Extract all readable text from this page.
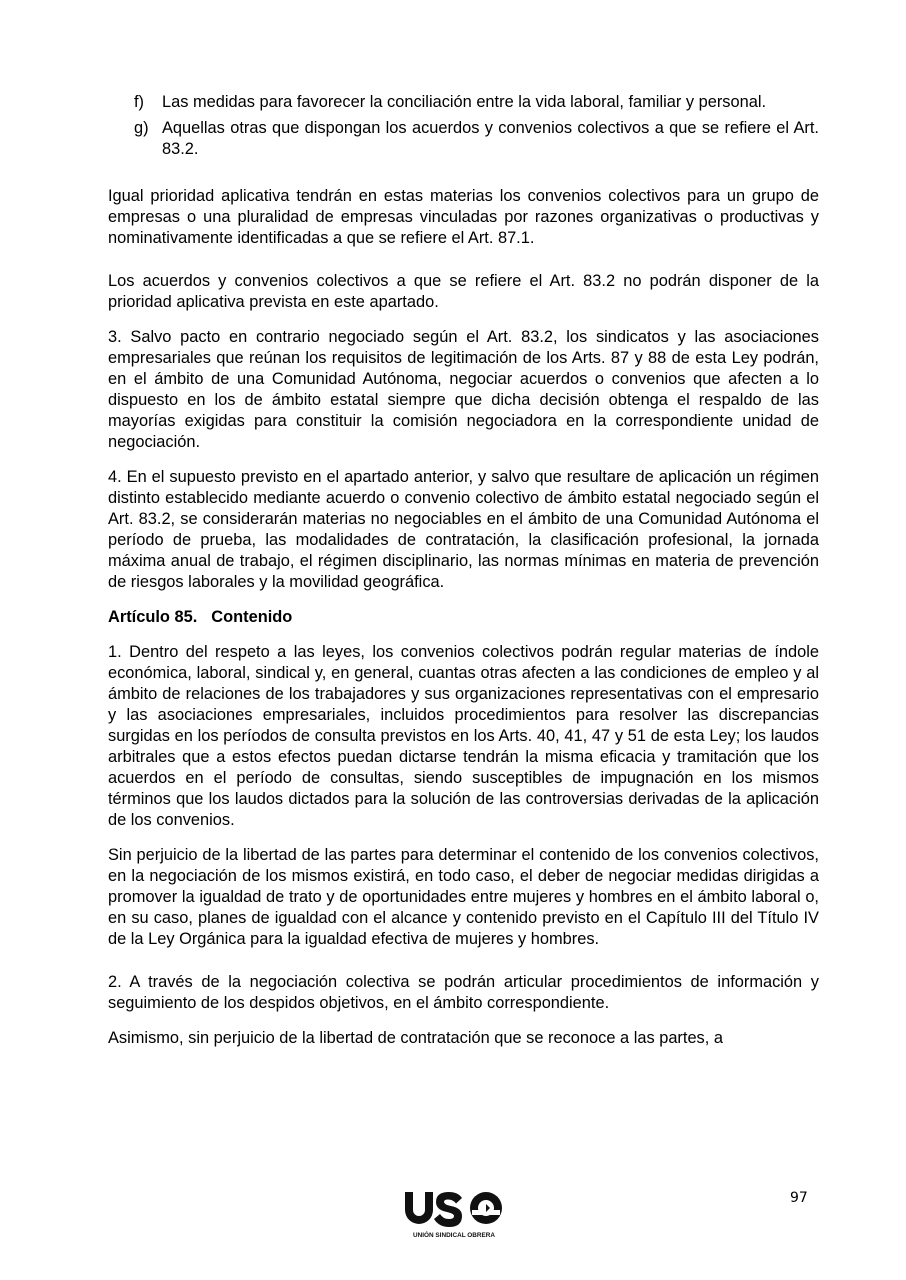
f)	Las medidas para favorecer la conciliación entre la vida laboral, familiar y personal.
g) Aquellas otras que dispongan los acuerdos y convenios colectivos a que se refiere el Art. 83.2.

Igual prioridad aplicativa tendrán en estas materias los convenios colectivos para un grupo de empresas o una pluralidad de empresas vinculadas por razones organizativas o productivas y nominativamente identificadas a que se refiere el Art. 87.1.

Los acuerdos y convenios colectivos a que se refiere el Art. 83.2 no podrán disponer de la prioridad aplicativa prevista en este apartado.

3. Salvo pacto en contrario negociado según el Art. 83.2, los sindicatos y las asociaciones empresariales que reúnan los requisitos de legitimación de los Arts. 87 y 88 de esta Ley podrán, en el ámbito de una Comunidad Autónoma, negociar acuerdos o convenios que afecten a lo dispuesto en los de ámbito estatal siempre que dicha decisión obtenga el respaldo de las mayorías exigidas para constituir la comisión negociadora en la correspondiente unidad de negociación.

4. En el supuesto previsto en el apartado anterior, y salvo que resultare de aplicación un régimen distinto establecido mediante acuerdo o convenio colectivo de ámbito estatal negociado según el Art. 83.2, se considerarán materias no negociables en el ámbito de una Comunidad Autónoma el período de prueba, las modalidades de contratación, la clasificación profesional, la jornada máxima anual de trabajo, el régimen disciplinario, las normas mínimas en materia de prevención de riesgos laborales y la movilidad geográfica.

Artículo 85. Contenido

1. Dentro del respeto a las leyes, los convenios colectivos podrán regular materias de índole económica, laboral, sindical y, en general, cuantas otras afecten a las condiciones de empleo y al ámbito de relaciones de los trabajadores y sus organizaciones representativas con el empresario y las asociaciones empresariales, incluidos procedimientos para resolver las discrepancias surgidas en los períodos de consulta previstos en los Arts. 40, 41, 47 y 51 de esta Ley; los laudos arbitrales que a estos efectos puedan dictarse tendrán la misma eficacia y tramitación que los acuerdos en el período de consultas, siendo susceptibles de impugnación en los mismos términos que los laudos dictados para la solución de las controversias derivadas de la aplicación de los convenios.

Sin perjuicio de la libertad de las partes para determinar el contenido de los convenios colectivos, en la negociación de los mismos existirá, en todo caso, el deber de negociar medidas dirigidas a promover la igualdad de trato y de oportunidades entre mujeres y hombres en el ámbito laboral o, en su caso, planes de igualdad con el alcance y contenido previsto en el Capítulo III del Título IV de la Ley Orgánica para la igualdad efectiva de mujeres y hombres.

2. A través de la negociación colectiva se podrán articular procedimientos de información y seguimiento de los despidos objetivos, en el ámbito correspondiente.

Asimismo, sin perjuicio de la libertad de contratación que se reconoce a las partes, a

97
UNIÓN SINDICAL OBRERA
